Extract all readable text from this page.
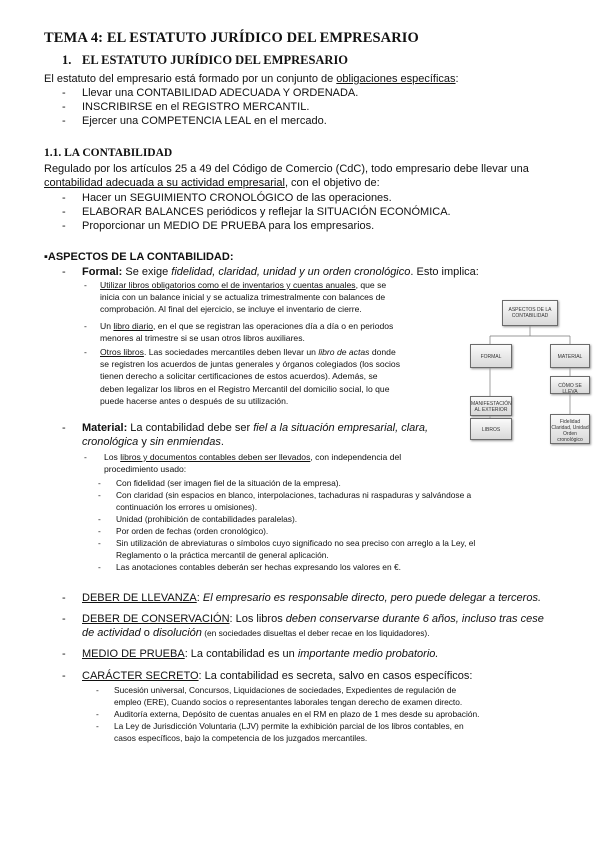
TEMA 4: EL ESTATUTO JURÍDICO DEL EMPRESARIO
1. EL ESTATUTO JURÍDICO DEL EMPRESARIO
El estatuto del empresario está formado por un conjunto de obligaciones específicas:
- Llevar una CONTABILIDAD ADECUADA Y ORDENADA.
- INSCRIBIRSE en el REGISTRO MERCANTIL.
- Ejercer una COMPETENCIA LEAL en el mercado.
1.1. LA CONTABILIDAD
Regulado por los artículos 25 a 49 del Código de Comercio (CdC), todo empresario debe llevar una
contabilidad adecuada a su actividad empresarial, con el objetivo de:
- Hacer un SEGUIMIENTO CRONOLÓGICO de las operaciones.
- ELABORAR BALANCES periódicos y reflejar la SITUACIÓN ECONÓMICA.
- Proporcionar un MEDIO DE PRUEBA para los empresarios.
▪ASPECTOS DE LA CONTABILIDAD:
- Formal: Se exige fidelidad, claridad, unidad y un orden cronológico. Esto implica:
- Utilizar libros obligatorios como el de inventarios y cuentas anuales, que se
inicia con un balance inicial y se actualiza trimestralmente con balances de
comprobación. Al final del ejercicio, se incluye el inventario de cierre.
- Un libro diario, en el que se registran las operaciones día a día o en periodos
menores al trimestre si se usan otros libros auxiliares.
- Otros libros. Las sociedades mercantiles deben llevar un libro de actas donde
se registren los acuerdos de juntas generales y órganos colegiados (los socios
tienen derecho a solicitar certificaciones de estos acuerdos). Además, se
deben legalizar los libros en el Registro Mercantil del domicilio social, lo que
puede hacerse antes o después de su utilización.
- Material: La contabilidad debe ser fiel a la situación empresarial, clara,
cronológica y sin enmiendas.
- Los libros y documentos contables deben ser llevados, con independencia del
procedimiento usado:
- Con fidelidad (ser imagen fiel de la situación de la empresa).
- Con claridad (sin espacios en blanco, interpolaciones, tachaduras ni raspaduras y salvándose a
continuación los errores u omisiones).
- Unidad (prohibición de contabilidades paralelas).
- Por orden de fechas (orden cronológico).
- Sin utilización de abreviaturas o símbolos cuyo significado no sea preciso con arreglo a la Ley, el
Reglamento o la práctica mercantil de general aplicación.
- Las anotaciones contables deberán ser hechas expresando los valores en €.
- DEBER DE LLEVANZA: El empresario es responsable directo, pero puede delegar a terceros.
- DEBER DE CONSERVACIÓN: Los libros deben conservarse durante 6 años, incluso tras cese
de actividad o disolución (en sociedades disueltas el deber recae en los liquidadores).
- MEDIO DE PRUEBA: La contabilidad es un importante medio probatorio.
- CARÁCTER SECRETO: La contabilidad es secreta, salvo en casos específicos:
- Sucesión universal, Concursos, Liquidaciones de sociedades, Expedientes de regulación de
empleo (ERE), Cuando socios o representantes laborales tengan derecho de examen directo.
- Auditoría externa, Depósito de cuentas anuales en el RM en plazo de 1 mes desde su aprobación.
- La Ley de Jurisdicción Voluntaria (LJV) permite la exhibición parcial de los libros contables, en
casos específicos, bajo la competencia de los juzgados mercantiles.
ASPECTOS DE LA CONTABILIDAD
FORMAL	MATERIAL
MANIFESTACIÓN AL EXTERIOR
CÓMO SE LLEVA
LIBROS
Fidelidad Claridad, Unidad Orden cronológico
